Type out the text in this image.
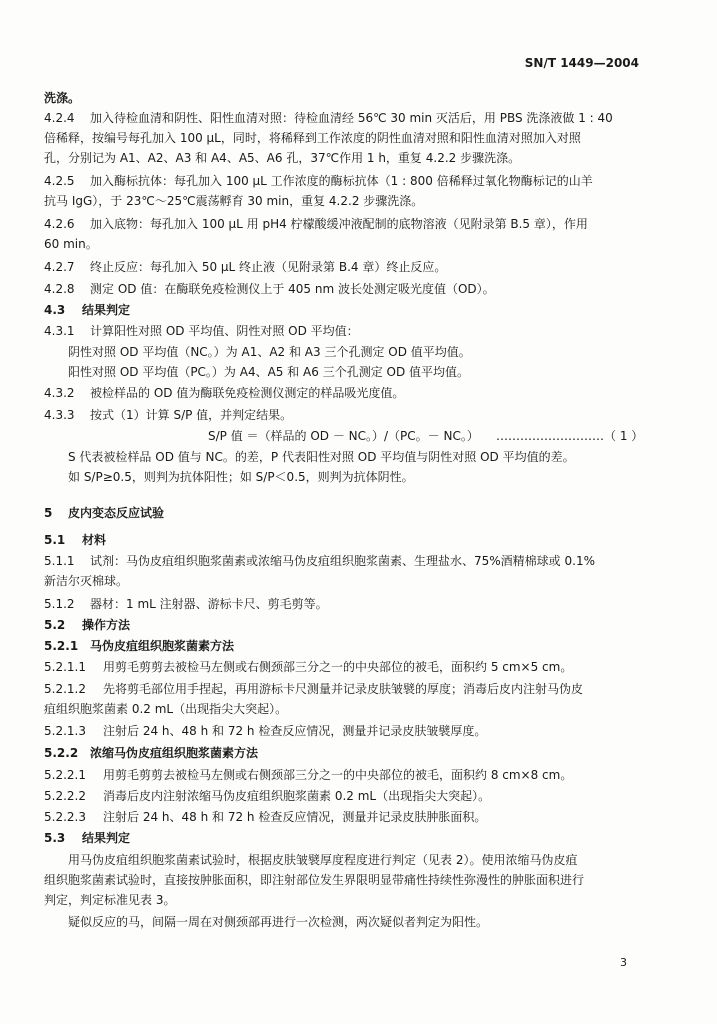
SN/T 1449—2004
洗涤。
4.2.4 加入待检血清和阴性、阳性血清对照：待检血清经 56℃ 30 min 灭活后，用 PBS 洗涤液做 1 : 40
倍稀释，按编号每孔加入 100 μL，同时，将稀释到工作浓度的阴性血清对照和阳性血清对照加入对照
孔，分别记为 A1、A2、A3 和 A4、A5、A6 孔，37℃作用 1 h，重复 4.2.2 步骤洗涤。
4.2.5 加入酶标抗体：每孔加入 100 μL 工作浓度的酶标抗体（1 : 800 倍稀释过氧化物酶标记的山羊
抗马 IgG），于 23℃～25℃震荡孵育 30 min，重复 4.2.2 步骤洗涤。
4.2.6 加入底物：每孔加入 100 μL 用 pH4 柠檬酸缓冲液配制的底物溶液（见附录第 B.5 章），作用
60 min。
4.2.7 终止反应：每孔加入 50 μL 终止液（见附录第 B.4 章）终止反应。
4.2.8 测定 OD 值：在酶联免疫检测仪上于 405 nm 波长处测定吸光度值（OD）。
4.3 结果判定
4.3.1 计算阳性对照 OD 平均值、阴性对照 OD 平均值：
阴性对照 OD 平均值（NC。）为 A1、A2 和 A3 三个孔测定 OD 值平均值。
阳性对照 OD 平均值（PC。）为 A4、A5 和 A6 三个孔测定 OD 值平均值。
4.3.2 被检样品的 OD 值为酶联免疫检测仪测定的样品吸光度值。
4.3.3 按式（1）计算 S/P 值，并判定结果。
S/P 值 ＝（样品的 OD － NC。）/（PC。－ NC。） ………………………（ 1 ）
S 代表被检样品 OD 值与 NC。的差，P 代表阳性对照 OD 平均值与阴性对照 OD 平均值的差。
如 S/P≥0.5，则判为抗体阳性；如 S/P＜0.5，则判为抗体阴性。
5 皮内变态反应试验
5.1 材料
5.1.1 试剂：马伪皮疽组织胞浆菌素或浓缩马伪皮疽组织胞浆菌素、生理盐水、75%酒精棉球或 0.1%
新洁尔灭棉球。
5.1.2 器材：1 mL 注射器、游标卡尺、剪毛剪等。
5.2 操作方法
5.2.1 马伪皮疽组织胞浆菌素方法
5.2.1.1 用剪毛剪剪去被检马左侧或右侧颈部三分之一的中央部位的被毛，面积约 5 cm×5 cm。
5.2.1.2 先将剪毛部位用手捏起，再用游标卡尺测量并记录皮肤皱襞的厚度；消毒后皮内注射马伪皮
疽组织胞浆菌素 0.2 mL（出现指尖大突起）。
5.2.1.3 注射后 24 h、48 h 和 72 h 检查反应情况，测量并记录皮肤皱襞厚度。
5.2.2 浓缩马伪皮疽组织胞浆菌素方法
5.2.2.1 用剪毛剪剪去被检马左侧或右侧颈部三分之一的中央部位的被毛，面积约 8 cm×8 cm。
5.2.2.2 消毒后皮内注射浓缩马伪皮疽组织胞浆菌素 0.2 mL（出现指尖大突起）。
5.2.2.3 注射后 24 h、48 h 和 72 h 检查反应情况，测量并记录皮肤肿胀面积。
5.3 结果判定
用马伪皮疽组织胞浆菌素试验时，根据皮肤皱襞厚度程度进行判定（见表 2）。使用浓缩马伪皮疽
组织胞浆菌素试验时，直接按肿胀面积，即注射部位发生界限明显带痛性持续性弥漫性的肿胀面积进行
判定，判定标准见表 3。
疑似反应的马，间隔一周在对侧颈部再进行一次检测，两次疑似者判定为阳性。
3
